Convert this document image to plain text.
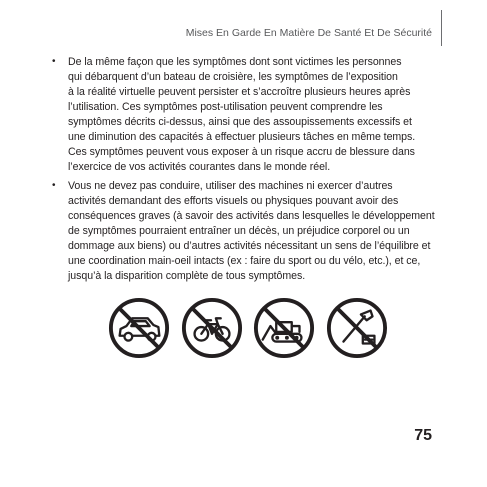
Mises En Garde En Matière De Santé Et De Sécurité
• De la même façon que les symptômes dont sont victimes les personnes
qui débarquent d’un bateau de croisière, les symptômes de l’exposition
à la réalité virtuelle peuvent persister et s’accroître plusieurs heures après
l’utilisation. Ces symptômes post-utilisation peuvent comprendre les
symptômes décrits ci-dessus, ainsi que des assoupissements excessifs et
une diminution des capacités à effectuer plusieurs tâches en même temps.
Ces symptômes peuvent vous exposer à un risque accru de blessure dans
l’exercice de vos activités courantes dans le monde réel.
• Vous ne devez pas conduire, utiliser des machines ni exercer d’autres
activités demandant des efforts visuels ou physiques pouvant avoir des
conséquences graves (à savoir des activités dans lesquelles le développement
de symptômes pourraient entraîner un décès, un préjudice corporel ou un
dommage aux biens) ou d’autres activités nécessitant un sens de l’équilibre et
une coordination main-oeil intacts (ex : faire du sport ou du vélo, etc.), et ce,
jusqu’à la disparition complète de tous symptômes.
75
